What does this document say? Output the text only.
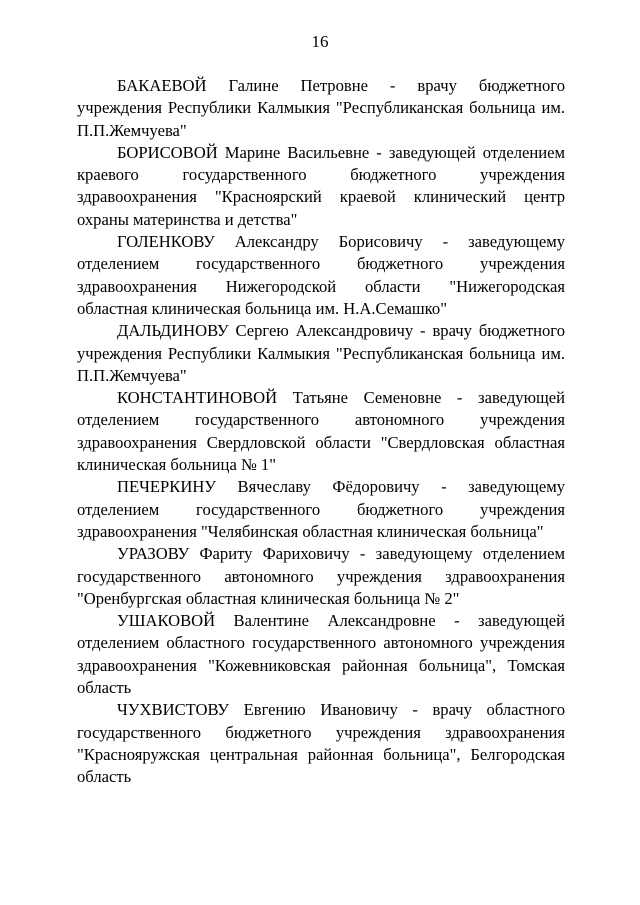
16

БАКАЕВОЙ Галине Петровне - врачу бюджетного учреждения Республики Калмыкия "Республиканская больница им. П.П.Жемчуева"

БОРИСОВОЙ Марине Васильевне - заведующей отделением краевого государственного бюджетного учреждения здравоохранения "Красноярский краевой клинический центр охраны материнства и детства"

ГОЛЕНКОВУ Александру Борисовичу - заведующему отделением государственного бюджетного учреждения здравоохранения Нижегородской области "Нижегородская областная клиническая больница им. Н.А.Семашко"

ДАЛЬДИНОВУ Сергею Александровичу - врачу бюджетного учреждения Республики Калмыкия "Республиканская больница им. П.П.Жемчуева"

КОНСТАНТИНОВОЙ Татьяне Семеновне - заведующей отделением государственного автономного учреждения здравоохранения Свердловской области "Свердловская областная клиническая больница № 1"

ПЕЧЕРКИНУ Вячеславу Фёдоровичу - заведующему отделением государственного бюджетного учреждения здравоохранения "Челябинская областная клиническая больница"

УРАЗОВУ Фариту Фариховичу - заведующему отделением государственного автономного учреждения здравоохранения "Оренбургская областная клиническая больница № 2"

УШАКОВОЙ Валентине Александровне - заведующей отделением областного государственного автономного учреждения здравоохранения "Кожевниковская районная больница", Томская область

ЧУХВИСТОВУ Евгению Ивановичу - врачу областного государственного бюджетного учреждения здравоохранения "Краснояружская центральная районная больница", Белгородская область
